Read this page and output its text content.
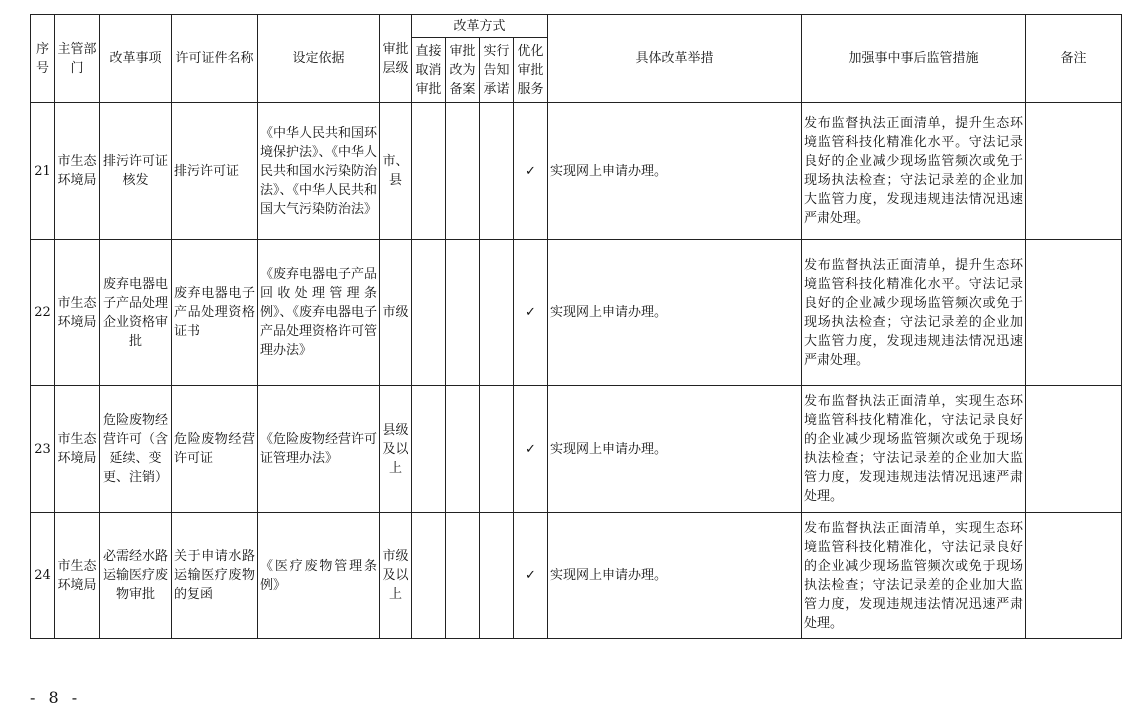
序号	主管部门	改革事项	许可证件名称	设定依据	审批层级	改革方式				具体改革举措	加强事中事后监管措施	备注
						直接取消审批	审批改为备案	实行告知承诺	优化审批服务			
21	市生态环境局	排污许可证核发	排污许可证	《中华人民共和国环境保护法》、《中华人民共和国水污染防治法》、《中华人民共和国大气污染防治法》	市、县				✓	实现网上申请办理。	发布监督执法正面清单，提升生态环境监管科技化精准化水平。守法记录良好的企业减少现场监管频次或免于现场执法检查；守法记录差的企业加大监管力度，发现违规违法情况迅速严肃处理。	
22	市生态环境局	废弃电器电子产品处理企业资格审批	废弃电器电子产品处理资格证书	《废弃电器电子产品回收处理管理条例》、《废弃电器电子产品处理资格许可管理办法》	市级				✓	实现网上申请办理。	发布监督执法正面清单，提升生态环境监管科技化精准化水平。守法记录良好的企业减少现场监管频次或免于现场执法检查；守法记录差的企业加大监管力度，发现违规违法情况迅速严肃处理。	
23	市生态环境局	危险废物经营许可（含延续、变更、注销）	危险废物经营许可证	《危险废物经营许可证管理办法》	县级及以上				✓	实现网上申请办理。	发布监督执法正面清单，实现生态环境监管科技化精准化，守法记录良好的企业减少现场监管频次或免于现场执法检查；守法记录差的企业加大监管力度，发现违规违法情况迅速严肃处理。	
24	市生态环境局	必需经水路运输医疗废物审批	关于申请水路运输医疗废物的复函	《医疗废物管理条例》	市级及以上				✓	实现网上申请办理。	发布监督执法正面清单，实现生态环境监管科技化精准化，守法记录良好的企业减少现场监管频次或免于现场执法检查；守法记录差的企业加大监管力度，发现违规违法情况迅速严肃处理。	
- 8 -
